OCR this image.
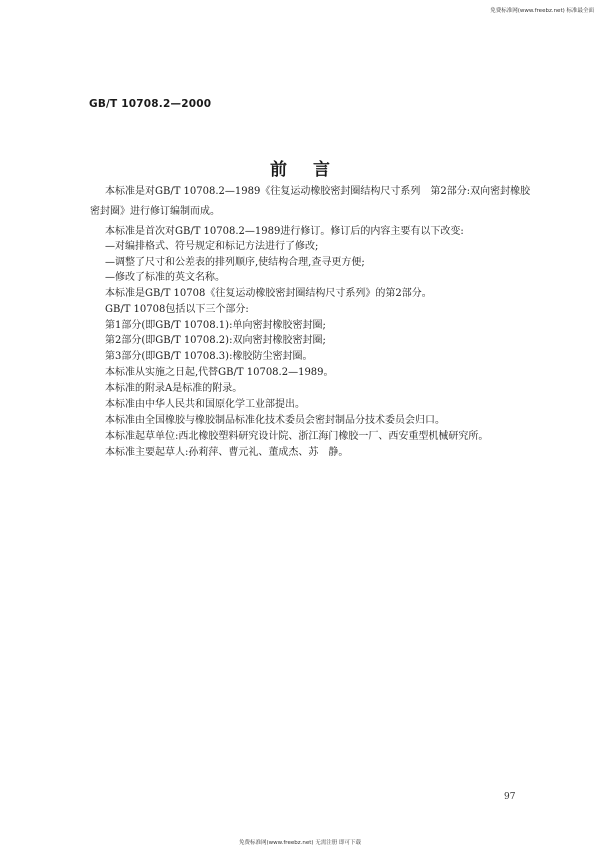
免费标准网(www.freebz.net) 标准最全面
GB/T 10708.2—2000
前言
本标准是对GB/T 10708.2—1989《往复运动橡胶密封圈结构尺寸系列　第2部分:双向密封橡胶
密封圈》进行修订编制而成。
本标准是首次对GB/T 10708.2—1989进行修订。修订后的内容主要有以下改变:
—对编排格式、符号规定和标记方法进行了修改;
—调整了尺寸和公差表的排列顺序,使结构合理,查寻更方便;
—修改了标准的英文名称。
本标准是GB/T 10708《往复运动橡胶密封圈结构尺寸系列》的第2部分。
GB/T 10708包括以下三个部分:
第1部分(即GB/T 10708.1):单向密封橡胶密封圈;
第2部分(即GB/T 10708.2):双向密封橡胶密封圈;
第3部分(即GB/T 10708.3):橡胶防尘密封圈。
本标准从实施之日起,代替GB/T 10708.2—1989。
本标准的附录A是标准的附录。
本标准由中华人民共和国原化学工业部提出。
本标准由全国橡胶与橡胶制品标准化技术委员会密封制品分技术委员会归口。
本标准起草单位:西北橡胶塑料研究设计院、浙江海门橡胶一厂、西安重型机械研究所。
本标准主要起草人:孙莉萍、曹元礼、董成杰、苏　静。
97
免费标准网(www.freebz.net) 无需注册 即可下载
